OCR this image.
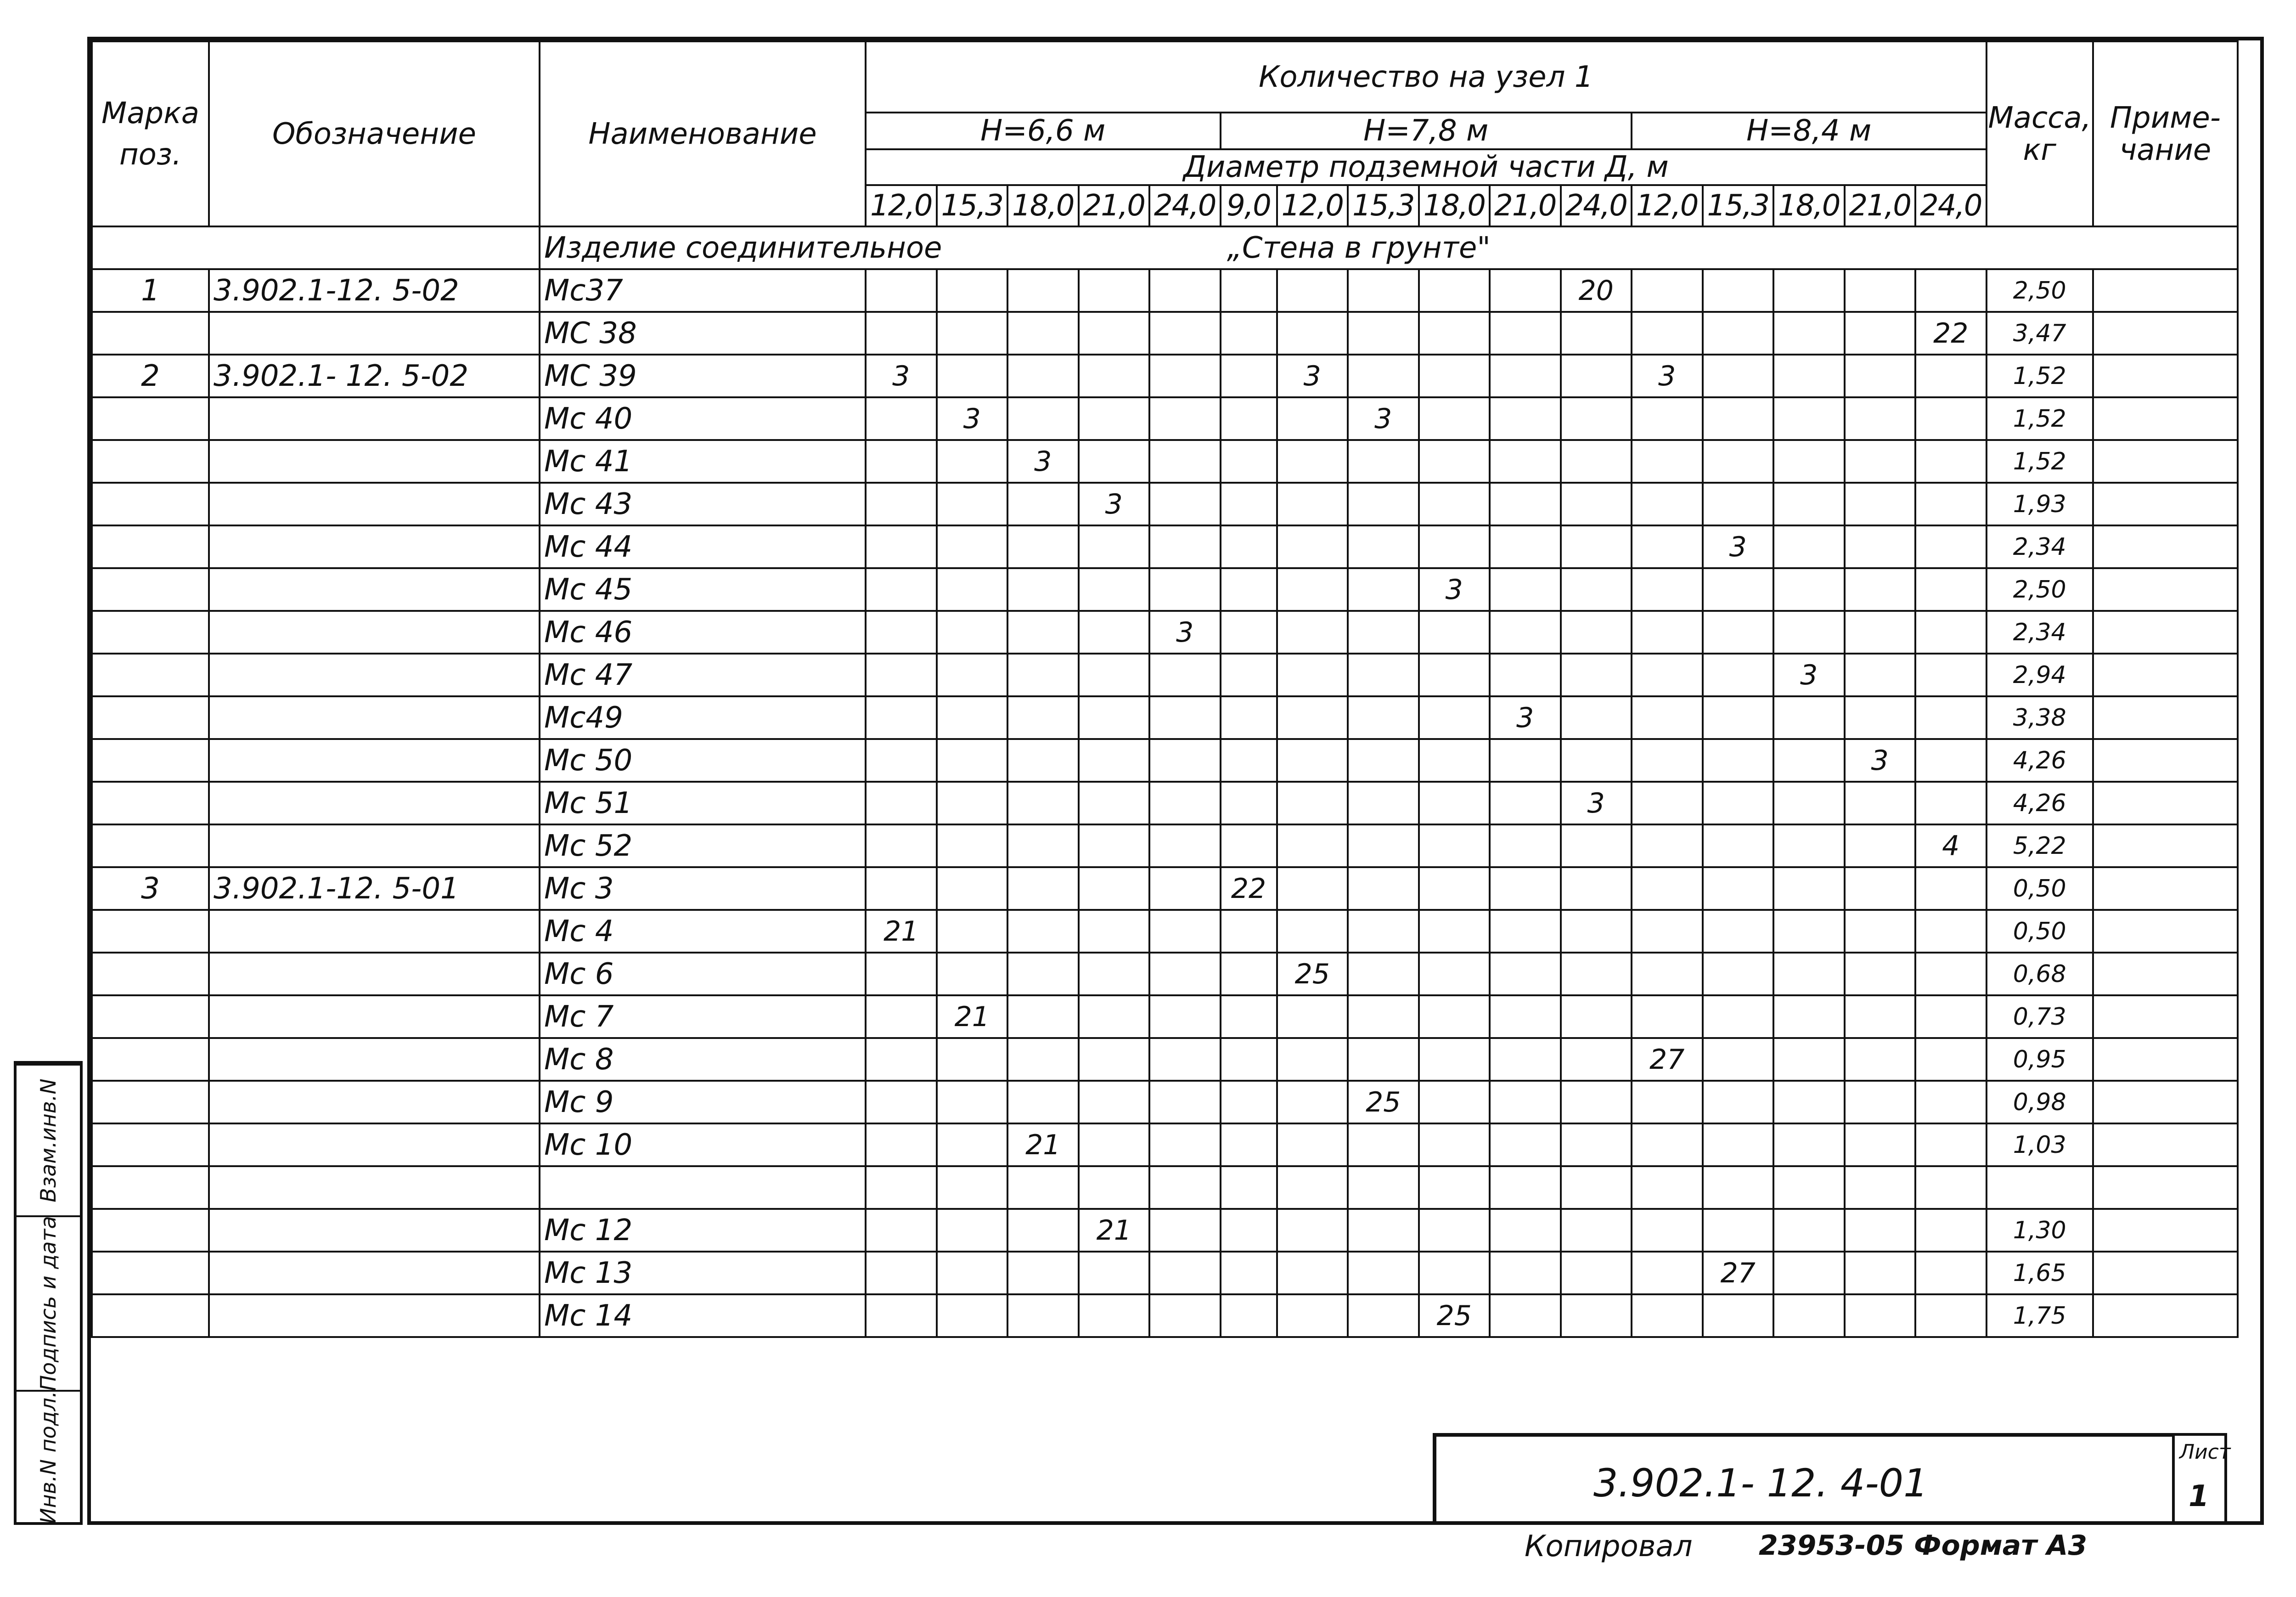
Марка поз.	Обозначение	Наименование	Количество на узел 1																Масса, кг	Приме-чание
			H=6,6 м					H=7,8 м						H=8,4 м						
			Диаметр подземной части Д, м																	
			12,0	15,3	18,0	21,0	24,0	9,0	12,0	15,3	18,0	21,0	24,0	12,0	15,3	18,0	21,0	24,0		
		Изделие соединительное „Стена в грунте"																		
1	3.902.1-12. 5-02	Мс37											20						2,50	
		МС 38																22	3,47	
2	3.902.1- 12. 5-02	МС 39	3						3					3					1,52	
		Мс 40		3						3									1,52	
		Мс 41			3														1,52	
		Мс 43				3													1,93	
		Мс 44													3				2,34	
		Мс 45									3								2,50	
		Мс 46					3												2,34	
		Мс 47														3			2,94	
		Мс49										3							3,38	
		Мс 50															3		4,26	
		Мс 51											3						4,26	
		Мс 52																4	5,22	
3	3.902.1-12. 5-01	Мс 3						22											0,50	
		Мс 4	21																0,50	
		Мс 6							25										0,68	
		Мс 7		21															0,73	
		Мс 8												27					0,95	
		Мс 9								25									0,98	
		Мс 10			21														1,03	

		Мс 12				21													1,30	
		Мс 13													27				1,65	
		Мс 14									25								1,75	
Взам.инв.N
Подпись и дата
Инв.N подл.	3.902.1- 12. 4-01
Лист
1
Копировал 23953-05 Формат А3
